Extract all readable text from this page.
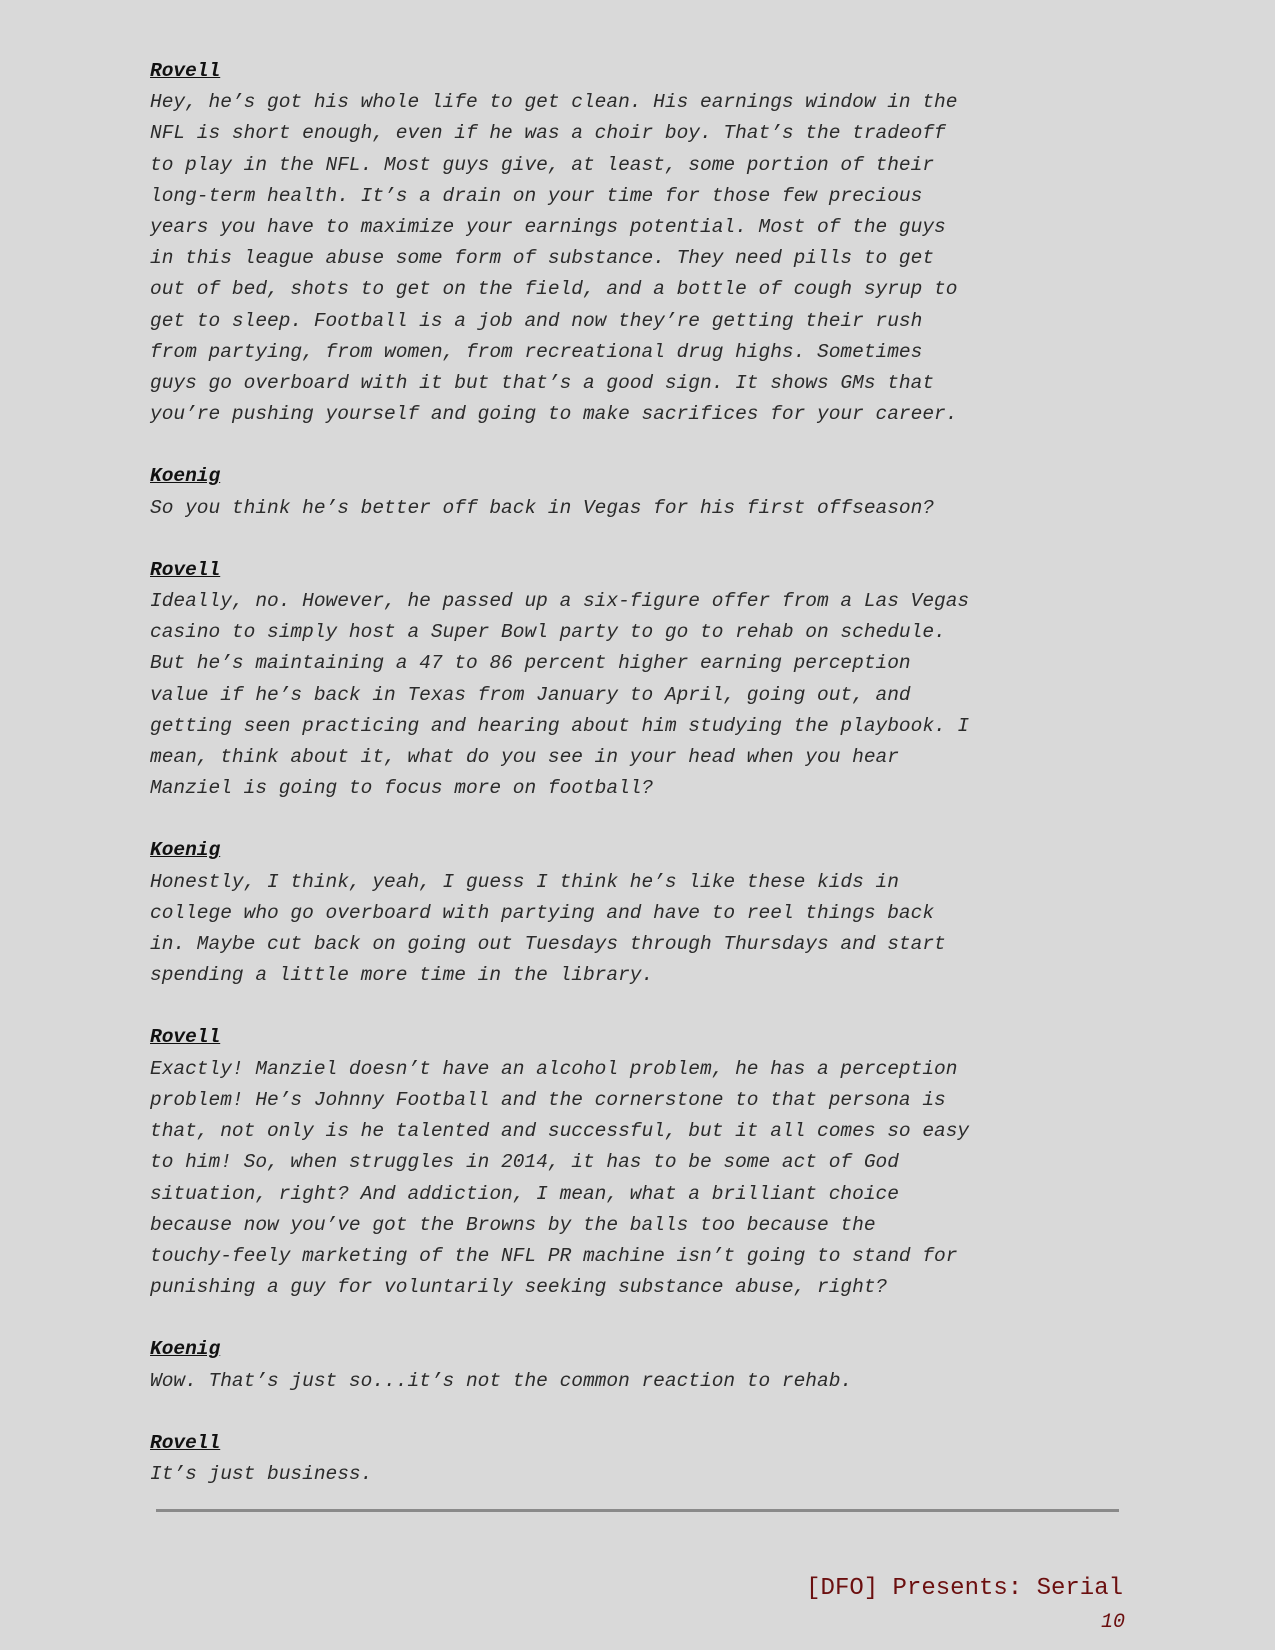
Rovell
Hey, he’s got his whole life to get clean. His earnings window in the
NFL is short enough, even if he was a choir boy. That’s the tradeoff
to play in the NFL. Most guys give, at least, some portion of their
long-term health. It’s a drain on your time for those few precious
years you have to maximize your earnings potential. Most of the guys
in this league abuse some form of substance. They need pills to get
out of bed, shots to get on the field, and a bottle of cough syrup to
get to sleep. Football is a job and now they’re getting their rush
from partying, from women, from recreational drug highs. Sometimes
guys go overboard with it but that’s a good sign. It shows GMs that
you’re pushing yourself and going to make sacrifices for your career.
Koenig
So you think he’s better off back in Vegas for his first offseason?
Rovell
Ideally, no. However, he passed up a six-figure offer from a Las Vegas
casino to simply host a Super Bowl party to go to rehab on schedule.
But he’s maintaining a 47 to 86 percent higher earning perception
value if he’s back in Texas from January to April, going out, and
getting seen practicing and hearing about him studying the playbook. I
mean, think about it, what do you see in your head when you hear
Manziel is going to focus more on football?
Koenig
Honestly, I think, yeah, I guess I think he’s like these kids in
college who go overboard with partying and have to reel things back
in. Maybe cut back on going out Tuesdays through Thursdays and start
spending a little more time in the library.
Rovell
Exactly! Manziel doesn’t have an alcohol problem, he has a perception
problem! He’s Johnny Football and the cornerstone to that persona is
that, not only is he talented and successful, but it all comes so easy
to him! So, when struggles in 2014, it has to be some act of God
situation, right? And addiction, I mean, what a brilliant choice
because now you’ve got the Browns by the balls too because the
touchy-feely marketing of the NFL PR machine isn’t going to stand for
punishing a guy for voluntarily seeking substance abuse, right?
Koenig
Wow. That’s just so...it’s not the common reaction to rehab.
Rovell
It’s just business.
[DFO] Presents: Serial
10
